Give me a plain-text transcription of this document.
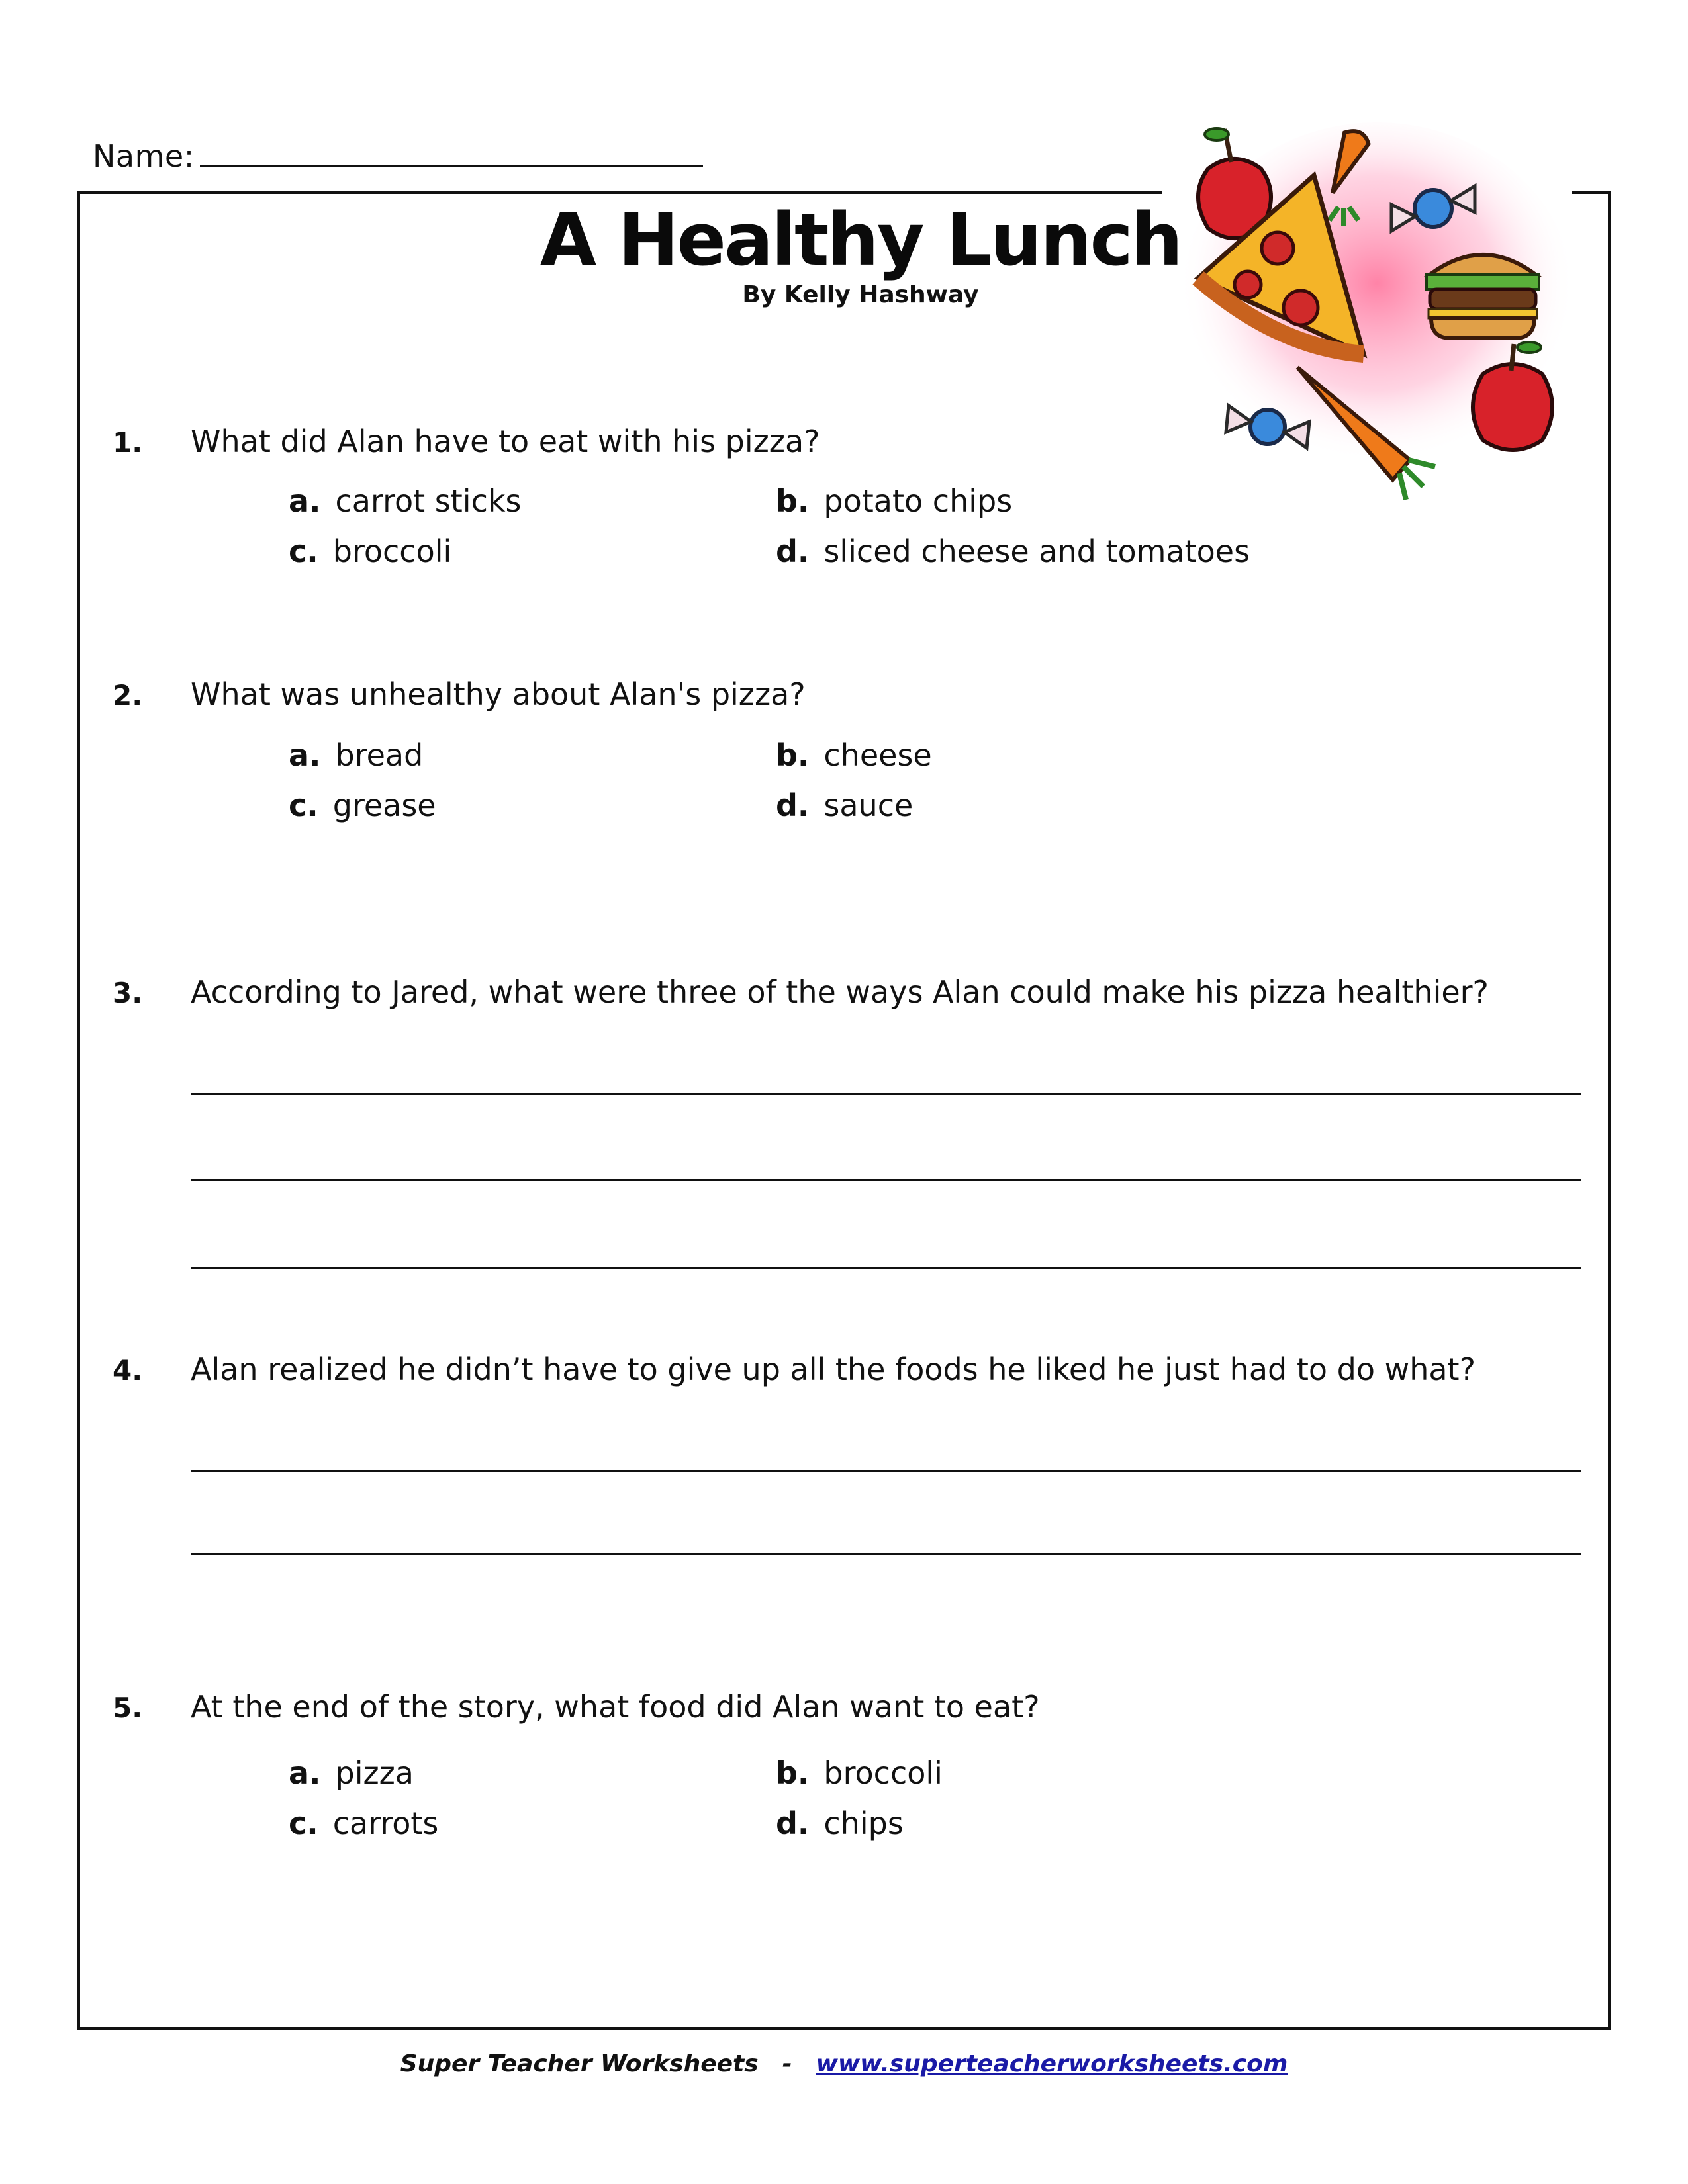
Name:
A Healthy Lunch
By Kelly Hashway
1. What did Alan have to eat with his pizza?
a. carrot sticks	b. potato chips
c. broccoli	d. sliced cheese and tomatoes
2. What was unhealthy about Alan's pizza?
a. bread	b. cheese
c. grease	d. sauce
3. According to Jared, what were three of the ways Alan could make his pizza healthier?
4. Alan realized he didn’t have to give up all the foods he liked he just had to do what?
5. At the end of the story, what food did Alan want to eat?
a. pizza	b. broccoli
c. carrots	d. chips
Super Teacher Worksheets - www.superteacherworksheets.com
